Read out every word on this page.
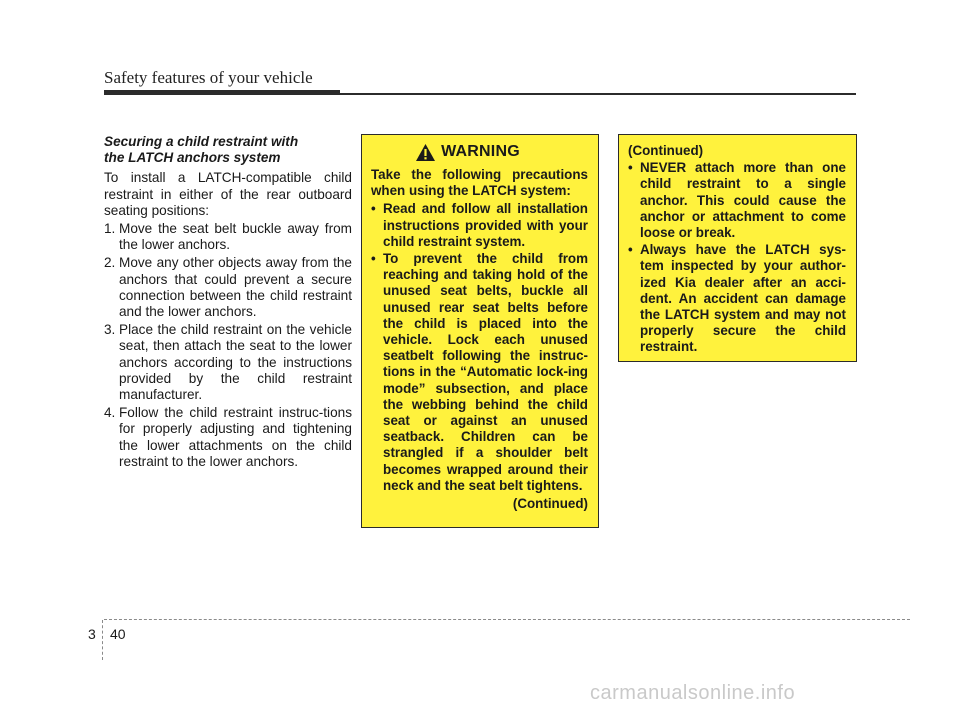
Safety features of your vehicle

Securing a child restraint with
the LATCH anchors system

To install a LATCH-compatible child restraint in either of the rear outboard seating positions:

1. Move the seat belt buckle away from the lower anchors.
2. Move any other objects away from the anchors that could prevent a secure connection between the child restraint and the lower anchors.
3. Place the child restraint on the vehicle seat, then attach the seat to the lower anchors according to the instructions provided by the child restraint manufacturer.
4. Follow the child restraint instruc-tions for properly adjusting and tightening the lower attachments on the child restraint to the lower anchors.
WARNING

Take the following precautions when using the LATCH system:

• Read and follow all installation instructions provided with your child restraint system.
• To prevent the child from reaching and taking hold of the unused seat belts, buckle all unused rear seat belts before the child is placed into the vehicle. Lock each unused seatbelt following the instruc-tions in the “Automatic lock-ing mode” subsection, and place the webbing behind the child seat or against an unused seatback. Children can be strangled if a shoulder belt becomes wrapped around their neck and the seat belt tightens.
(Continued)

(Continued)

• NEVER attach more than one child restraint to a single anchor. This could cause the anchor or attachment to come loose or break.
• Always have the LATCH sys-tem inspected by your author-ized Kia dealer after an acci-dent. An accident can damage the LATCH system and may not properly secure the child restraint.
3 40
carmanualsonline.info
